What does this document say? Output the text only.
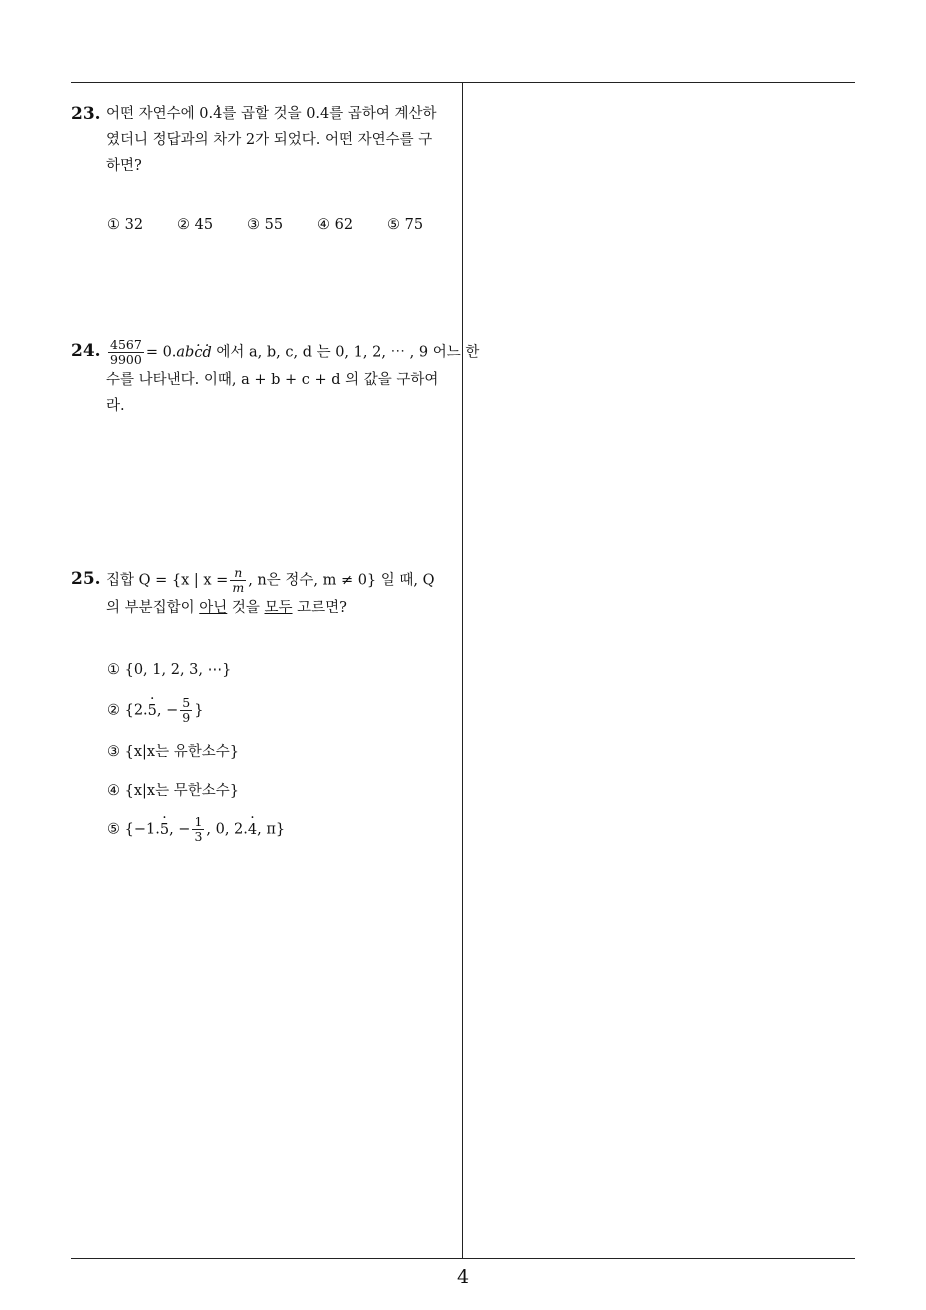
23. 어떤 자연수에 0.4 ·를 곱할 것을 0.4를 곱하여 계산하
였더니 정답과의 차가 2가 되었다. 어떤 자연수를 구
하면?
① 32	② 45	③ 55	④ 62	⑤ 75
24. $\frac{4567}{9900} = 0.abc \cdot d$ · 에서 a, b, c, d 는 0, 1, 2, ⋯ , 9 어느 한
수를 나타낸다. 이때, a + b + c + d 의 값을 구하여라.
25. 집합 Q = {x | $x = \frac{n}{m}$ , n은 정수, m ≠ 0} 일 때, Q
의 부분집합이 아닌 것을 모두 고르면?
① {0, 1, 2, 3, ⋯}
② {2.5 ·, − $\frac{5}{9}$ }
③ {x|x는 유한소수}
④ {x|x는 무한소수}
⑤ {−1.5 ·, − $\frac{1}{3}$ , 0, 2.4 ·, π}
4
